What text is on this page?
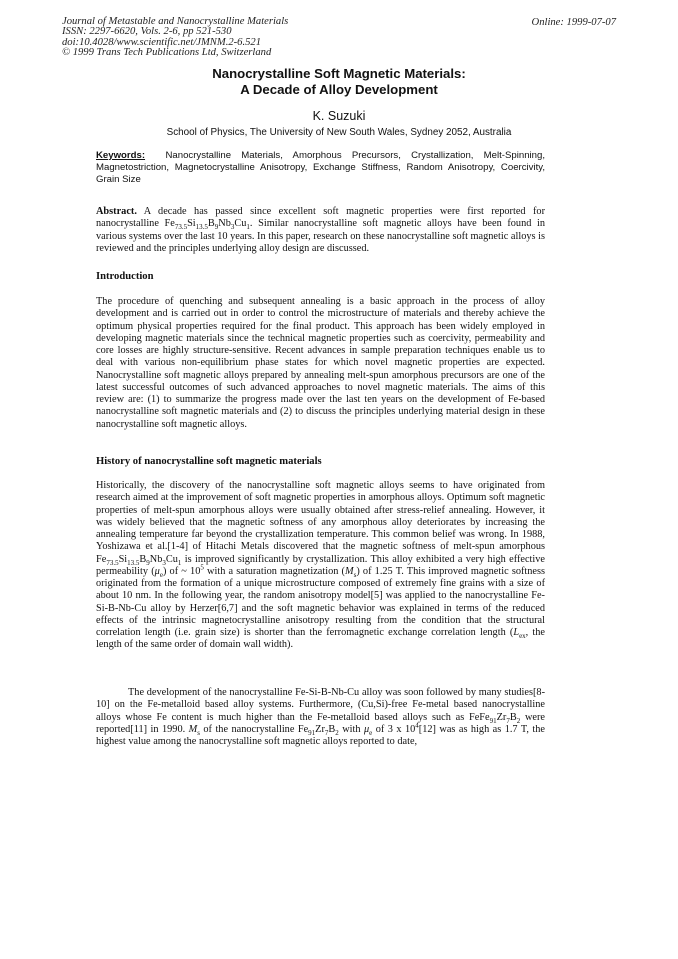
Journal of Metastable and Nanocrystalline Materials
ISSN: 2297-6620, Vols. 2-6, pp 521-530
doi:10.4028/www.scientific.net/JMNM.2-6.521
© 1999 Trans Tech Publications Ltd, Switzerland
Online: 1999-07-07
Nanocrystalline Soft Magnetic Materials:
A Decade of Alloy Development
K. Suzuki
School of Physics, The University of New South Wales, Sydney 2052, Australia
Keywords: Nanocrystalline Materials, Amorphous Precursors, Crystallization, Melt-Spinning, Magnetostriction, Magnetocrystalline Anisotropy, Exchange Stiffness, Random Anisotropy, Coercivity, Grain Size
Abstract. A decade has passed since excellent soft magnetic properties were first reported for nanocrystalline $Fe_{73.5}Si_{13.5}B_9Nb_3Cu_1$. Similar nanocrystalline soft magnetic alloys have been found in various systems over the last 10 years. In this paper, research on these nanocrystalline soft magnetic alloys is reviewed and the principles underlying alloy design are discussed.
Introduction
The procedure of quenching and subsequent annealing is a basic approach in the process of alloy development and is carried out in order to control the microstructure of materials and thereby achieve the optimum physical properties required for the final product. This approach has been widely employed in developing magnetic materials since the technical magnetic properties such as coercivity, permeability and core losses are highly structure-sensitive. Recent advances in sample preparation techniques enable us to deal with various non-equilibrium phase states for which novel magnetic properties are expected. Nanocrystalline soft magnetic alloys prepared by annealing melt-spun amorphous precursors are one of the latest successful outcomes of such advanced approaches to novel magnetic materials. The aims of this review are: (1) to summarize the progress made over the last ten years on the development of Fe-based nanocrystalline soft magnetic materials and (2) to discuss the principles underlying material design in these nanocrystalline soft magnetic alloys.
History of nanocrystalline soft magnetic materials
Historically, the discovery of the nanocrystalline soft magnetic alloys seems to have originated from research aimed at the improvement of soft magnetic properties in amorphous alloys. Optimum soft magnetic properties of melt-spun amorphous alloys were usually obtained after stress-relief annealing. However, it was widely believed that the magnetic softness of any amorphous alloy deteriorates by increasing the annealing temperature far beyond the crystallization temperature. This common belief was wrong. In 1988, Yoshizawa et al.[1-4] of Hitachi Metals discovered that the magnetic softness of melt-spun amorphous $Fe_{73.5}Si_{13.5}B_9Nb_3Cu_1$ is improved significantly by crystallization. This alloy exhibited a very high effective permeability $(\mu_e)$ of ~ $10^5$ with a saturation magnetization $(M_s)$ of 1.25 T. This improved magnetic softness originated from the formation of a unique microstructure composed of extremely fine grains with a size of about 10 nm. In the following year, the random anisotropy model[5] was applied to the nanocrystalline Fe-Si-B-Nb-Cu alloy by Herzer[6,7] and the soft magnetic behavior was explained in terms of the reduced effects of the intrinsic magnetocrystalline anisotropy resulting from the condition that the structural correlation length (i.e. grain size) is shorter than the ferromagnetic exchange correlation length ($L_{ex}$, the length of the same order of domain wall width).
The development of the nanocrystalline Fe-Si-B-Nb-Cu alloy was soon followed by many studies[8-10] on the Fe-metalloid based alloy systems. Furthermore, (Cu,Si)-free Fe-metal based nanocrystalline alloys whose Fe content is much higher than the Fe-metalloid based alloys such as $FeFe_{91}Zr_7B_2$ were reported[11] in 1990. $M_s$ of the nanocrystalline $Fe_{91}Zr_7B_2$ with $\mu_e$ of 3 x $10^4[12]$ was as high as 1.7 T, the highest value among the nanocrystalline soft magnetic alloys reported to date,
